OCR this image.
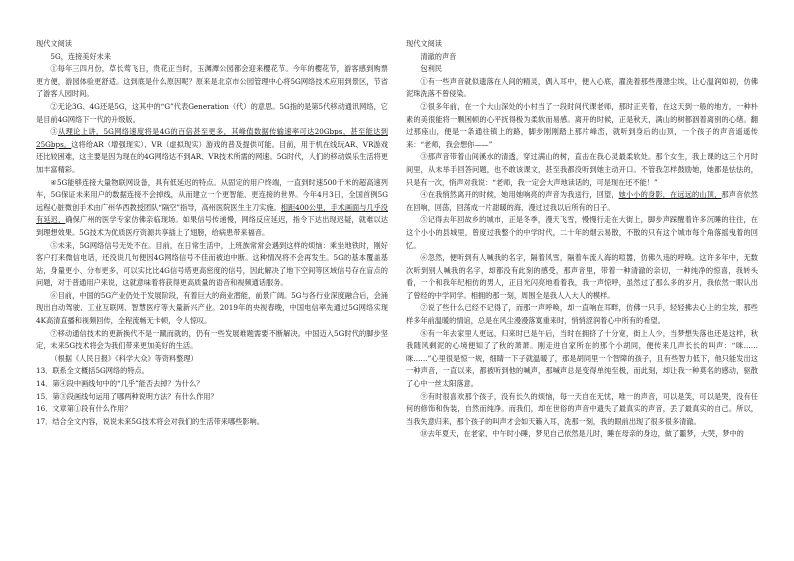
现代文阅读

5G，连接美好未来

①每年三四月份，草长莺飞日，贵花正当时，玉渊潭公园都会迎来樱花节。今年的樱花节，游客感到购票更方便，游园体验更舒适。这到底是什么原因呢？原来是北京市公园管理中心将5G网络技术应用到景区，节省了游客人园时间。

②无论3G、4G还是5G，这其中的“G”代表Generation（代）的意思。5G指的是第5代移动通讯网络，它是目前4G网络下一代的升级版。

③从理论上讲，5G网络速度将是4G的百倍甚至更多，其峰值数据传输速率可达20Gbps，甚至能达到25Gbps。这将给AR（增强现实）、VR（虚拟现实）游戏的普及提供可能。目前，用于机在线玩AR、VR游戏还比较困难，这主要是因为现在的4G网络达不到AR、VR技术所需的网速。5G时代，人们的移动娱乐生活将更加丰富精彩。

④5G能够连接大量物联网设备，具有低延迟的特点。从固定的用户终端，一直到时速500千米的超高速列车，5G保证未来用户的数据连接不会掉线，从而建立一个更智能、更连接的世界。今年4月3日，全国首例5G远程心脏微创手术由广州华西教授团队“隔空”指导，高州医院医生主刀实施。相距400公里，手术画面与几乎没有延迟，确保广州的医学专家仿佛亲临现场。如果信号传递慢，网络反应延迟，指令下达出现迟疑，就难以达到理想效果。5G技术为优质医疗资源共享插上了翅膀，给病患带来福音。

⑤未来，5G网络信号无处不在。目前，在日常生活中，上班族常常会遇到这样的烦恼：乘坐地铁时，刚好客户打来微信电话，还没说几句便因4G网络信号不佳而被迫中断。这种情况将不会再发生。5G的基本覆盖基站，身量更小、分布更多，可以实比比4G信号塔更高密度的信号，因此解决了地下空间等区域信号存在盲点的问题，对于普通用户来说，这就意味着将获得更高质量的语音和视频通话服务。

⑥目前，中国的5G产业仍处于发展阶段，有着巨大的商业潜能，前景广阔。5G与各行业深度融合后，会涌现出自动驾驶、工业互联网、智慧医疗等大量新兴产业。2019年的央视春晚，中国电信率先通过5G网络实现4K高清直播和视频回传，全程流畅无卡顿，令人惊叹。

⑦移动通信技术的更新换代不是一蹴而就的，仍有一些发展难题需要不断解决。中国迈入5G时代的脚步坚定，未来5G技术将会为我们带来更加美好的生活。

（根据《人民日报》《科学大众》等资料整理）

13．联系全文概括5G网络的特点。

14．第④段中画线句中的“几乎”能否去掉？为什么？

15．第③段画线句运用了哪两种说明方法？有什么作用？

16．文章第①段有什么作用？

17．结合全文内容，说说未来5G技术将会对我们的生活带来哪些影响。

现代文阅读

清澈的声音

包利民

①有一些声音就似遗落在人间的精灵，偶入耳中，便入心底，濯洗着那些漫漶尘埃，让心温润如初，仿佛泥珠洗落不曾侵染。

②很多年前，在一个大山深处的小村当了一段时间代课老师，那时正夹着，在这天到一般的地方，一种朴素的美很能将一颗困顿的心平抚得极为柔软而易感。离开的时候，正是秋天，满山的树都洇着离别的心绪。翻过那座山，便是一条通往镇上的路，脚步刚刚踏上那片峰峦，就听到身后的山顶，一个孩子的声音遥遥传来：“老师，我会想你——”

③那声音带着山间溪水的清透，穿过满山的树，直击在我心灵最柔软处。那个女生，我上课的这三个月时间里，从未举手回答问题，也不敢该课文，甚至我都没听到她主动开口。不管我怎样鼓励她，她都是怯怯的，只是有一次，悄声对我说：“老师，我一定会大声地读话的，可是现在还不能！”

④在我悄然离开的时候，她用她响亮的声音为我送行，回望，她小小的身影，在远远的山顶，那声音依然在回响，回荡，回荡成一片甜暖的海，漫过过我以后所有的日子。

⑤记得去年回故乡的城市，正是冬季，漫天飞雪，慢慢行走在大街上，脚步声踩醒着许多沉睡的往往，在这个小小的县城里，曾度过我整个的中学时代，二十年的烟云易散，不散的只有这个城市每个角落摇曳着的回忆。

⑥忽然，便听到有人喊我的名字，隔着风雪，隔着车流人海的喧嚣，仿佛久违的呼唤。这许多年中，无数次听到别人喊我的名字，却都没有此刻的感受，那声音里，带着一种清澈的亲切，一种纯净的惊喜，我转头看，一个和我年纪相仿的男人，正目光闪亮地看着我，我一声惊呼，虽然过了那么多的岁月，我依然一眼认出了曾经的中学同学。相拥的那一刻，周围全是我人入大人的模样。

⑦说了些什么已经不记得了，而那一声呼唤，却一直响在耳畔，仿佛一只手，轻轻拂去心上的尘埃，那些样多年前温暖的情谊，总是在风尘漫漫落寞重来时，悄悄涩润着心中所有的希望。

⑧有一年去家里人更远，归来时已是午后，当时在拥挤了十分宽，街上人少，当梦想失落也还是这样，秋我随风剩泥的心境便知了了秋的萧萧。刚走进自家所在的那个小胡同，便传来几声长长的叫声：“咪……咪……”心里很是惊一规，细睛一下子就温暖了，那是胡同里一个智障的孩子，且有些智力低下，他只能发出这一种声音，一直以来，都被听到他的喊声，那喊声总是变得单纯至极，而此刻，却让我一种莫名的感动，驱散了心中一丝太阳落意。

⑨有时很喜欢那个孩子，没有长久的烦恼，每一天自在无忧，唯一的声音，可以是笑，可以是哭，没有任何的修饰和伪装，自然而纯净。而我们，却在世俗的声音中遗失了最真实的声音，丢了最真实的自己。所以，当我失意归来，那个孩子的叫声才会如天籁入耳，洗那一刻，我的眼前出现了很多很多清澈。

⑩去年夏天，在老家，中午时小睡，梦见自己依然是儿时，睡在母亲的身边，做了噩梦，大哭，梦中的
